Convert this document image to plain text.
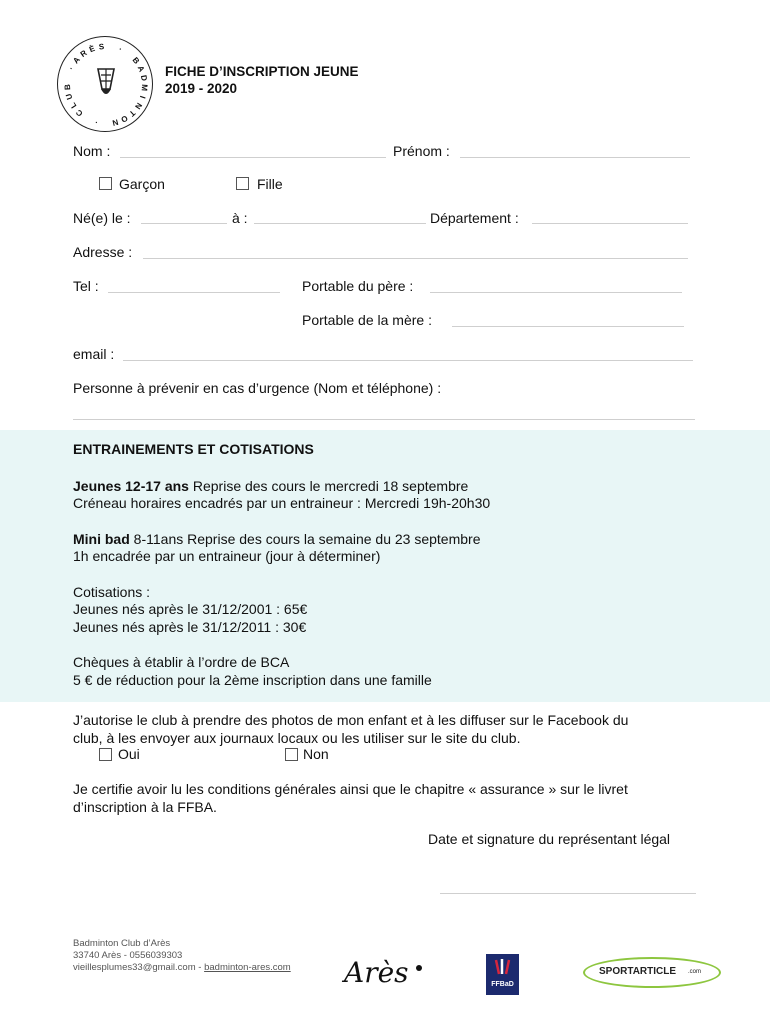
A
R È S	·
B
A
D
M
I
N
T
O
N
·
C
L
U
B
·	FICHE D’INSCRIPTION JEUNE
2019 - 2020
Nom :	Prénom :
Garçon	Fille
Né(e) le :	à :	Département :
Adresse :
Tel :	Portable du père :
Portable de la mère :
email :
Personne à prévenir en cas d’urgence (Nom et téléphone) :
ENTRAINEMENTS ET COTISATIONS
Jeunes 12-17 ans Reprise des cours le mercredi 18 septembre
Créneau horaires encadrés par un entraineur : Mercredi 19h-20h30
Mini bad 8-11ans Reprise des cours la semaine du 23 septembre
1h encadrée par un entraineur (jour à déterminer)
Cotisations :
Jeunes nés après le 31/12/2001 : 65€
Jeunes nés après le 31/12/2011 : 30€
Chèques à établir à l’ordre de BCA
5 € de réduction pour la 2ème inscription dans une famille
J’autorise le club à prendre des photos de mon enfant et à les diffuser sur le Facebook du
club, à les envoyer aux journaux locaux ou les utiliser sur le site du club.
Oui	Non
Je certifie avoir lu les conditions générales ainsi que le chapitre « assurance » sur le livret
d’inscription à la FFBA.
Date et signature du représentant légal
Badminton Club d’Arès
33740 Arès - 0556039303
vieillesplumes33@gmail.com - badminton-ares.com Arès	FFBaD
SPORTARTICLE .com
